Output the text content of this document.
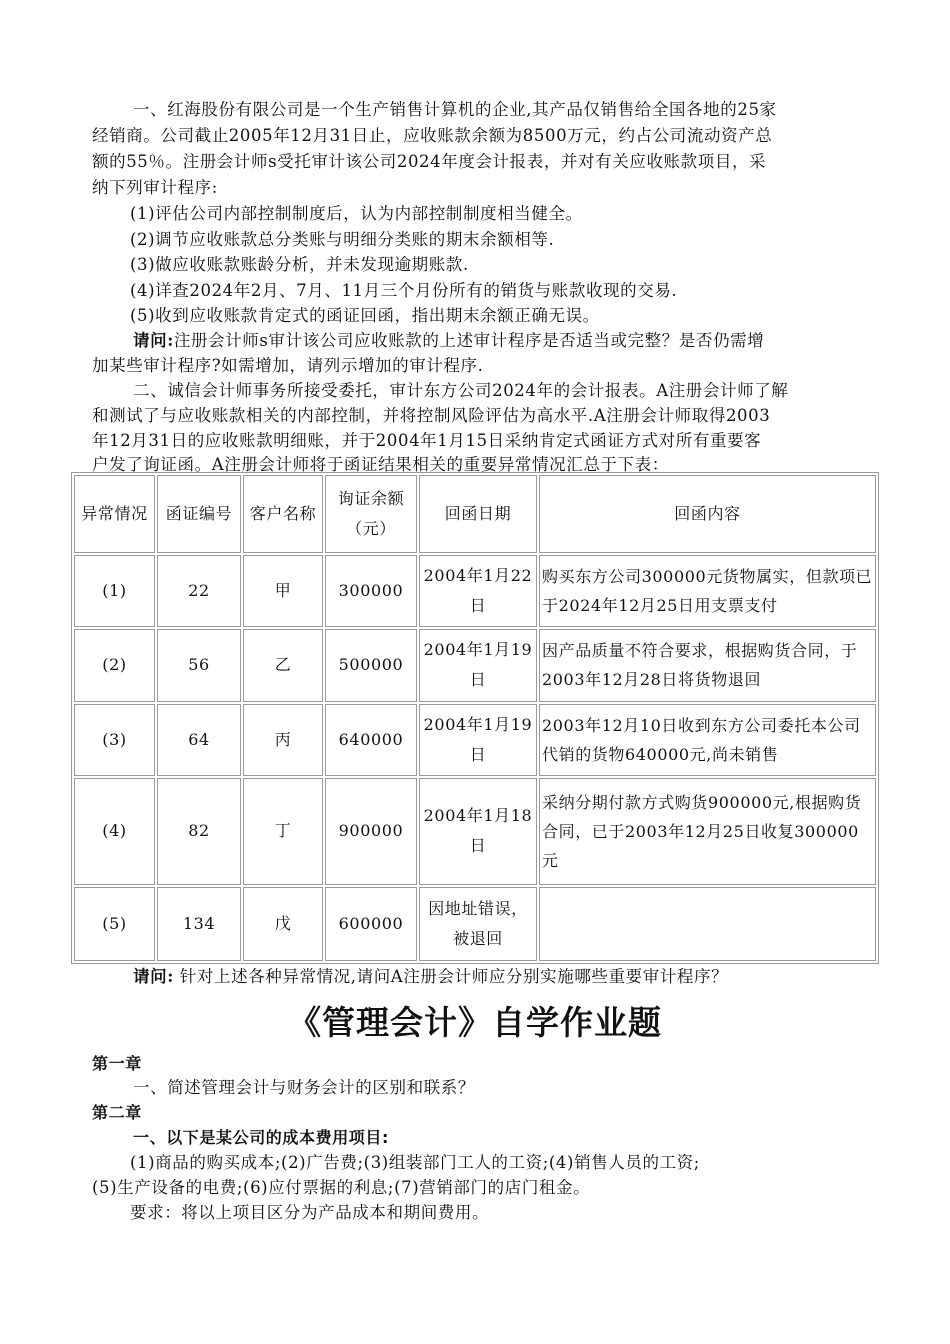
一、红海股份有限公司是一个生产销售计算机的企业,其产品仅销售给全国各地的25家
经销商。公司截止2005年12月31日止，应收账款余额为8500万元，约占公司流动资产总
额的55％。注册会计师s受托审计该公司2024年度会计报表，并对有关应收账款项目，采
纳下列审计程序:
(1)评估公司内部控制制度后，认为内部控制制度相当健全。
(2)调节应收账款总分类账与明细分类账的期末余额相等.
(3)做应收账款账龄分析，并未发现逾期账款.
(4)详查2024年2月、7月、11月三个月份所有的销货与账款收现的交易.
(5)收到应收账款肯定式的函证回函，指出期末余额正确无误。
请问:注册会计师s审计该公司应收账款的上述审计程序是否适当或完整？是否仍需增
加某些审计程序?如需增加，请列示增加的审计程序.
二、诚信会计师事务所接受委托，审计东方公司2024年的会计报表。A注册会计师了解
和测试了与应收账款相关的内部控制，并将控制风险评估为高水平.A注册会计师取得2003
年12月31日的应收账款明细账，并于2004年1月15日采纳肯定式函证方式对所有重要客
户发了询证函。A注册会计师将于函证结果相关的重要异常情况汇总于下表：
异常情况	函证编号	客户名称	询证余额（元）	回函日期	回函内容
(1)	22	甲	300000	2004年1月22日	购买东方公司300000元货物属实，但款项已于2024年12月25日用支票支付
(2)	56	乙	500000	2004年1月19日	因产品质量不符合要求，根据购货合同，于2003年12月28日将货物退回
(3)	64	丙	640000	2004年1月19日	2003年12月10日收到东方公司委托本公司代销的货物640000元,尚未销售
(4)	82	丁	900000	2004年1月18日	采纳分期付款方式购货900000元,根据购货合同，已于2003年12月25日收复300000元
(5)	134	戊	600000	因地址错误，被退回	
请问: 针对上述各种异常情况,请问A注册会计师应分别实施哪些重要审计程序？
《管理会计》自学作业题
第一章
一、简述管理会计与财务会计的区别和联系？
第二章
一、以下是某公司的成本费用项目:
(1)商品的购买成本;(2)广告费;(3)组装部门工人的工资;(4)销售人员的工资;
(5)生产设备的电费;(6)应付票据的利息;(7)营销部门的店门租金。
要求：将以上项目区分为产品成本和期间费用。
